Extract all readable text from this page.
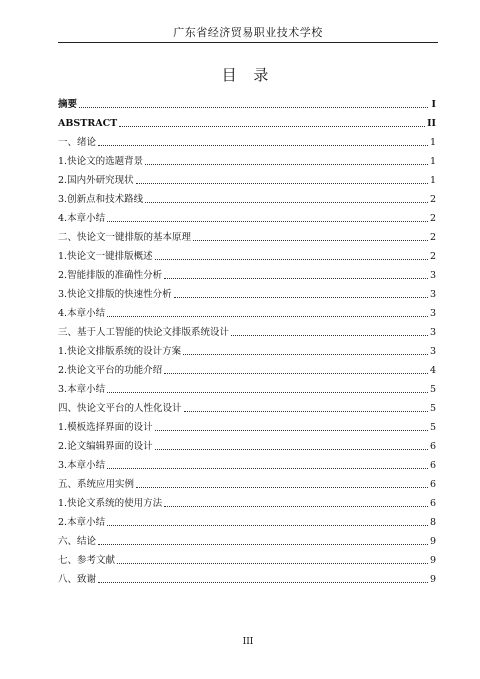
广东省经济贸易职业技术学校
目 录
摘要	I
ABSTRACT	II
一、绪论	1
1.快论文的选题背景	1
2.国内外研究现状	1
3.创新点和技术路线	2
4.本章小结	2
二、快论文一键排版的基本原理	2
1.快论文一键排版概述	2
2.智能排版的准确性分析	3
3.快论文排版的快速性分析	3
4.本章小结	3
三、基于人工智能的快论文排版系统设计	3
1.快论文排版系统的设计方案	3
2.快论文平台的功能介绍	4
3.本章小结	5
四、快论文平台的人性化设计	5
1.模板选择界面的设计	5
2.论文编辑界面的设计	6
3.本章小结	6
五、系统应用实例	6
1.快论文系统的使用方法	6
2.本章小结	8
六、结论	9
七、参考文献	9
八、致谢	9
III
